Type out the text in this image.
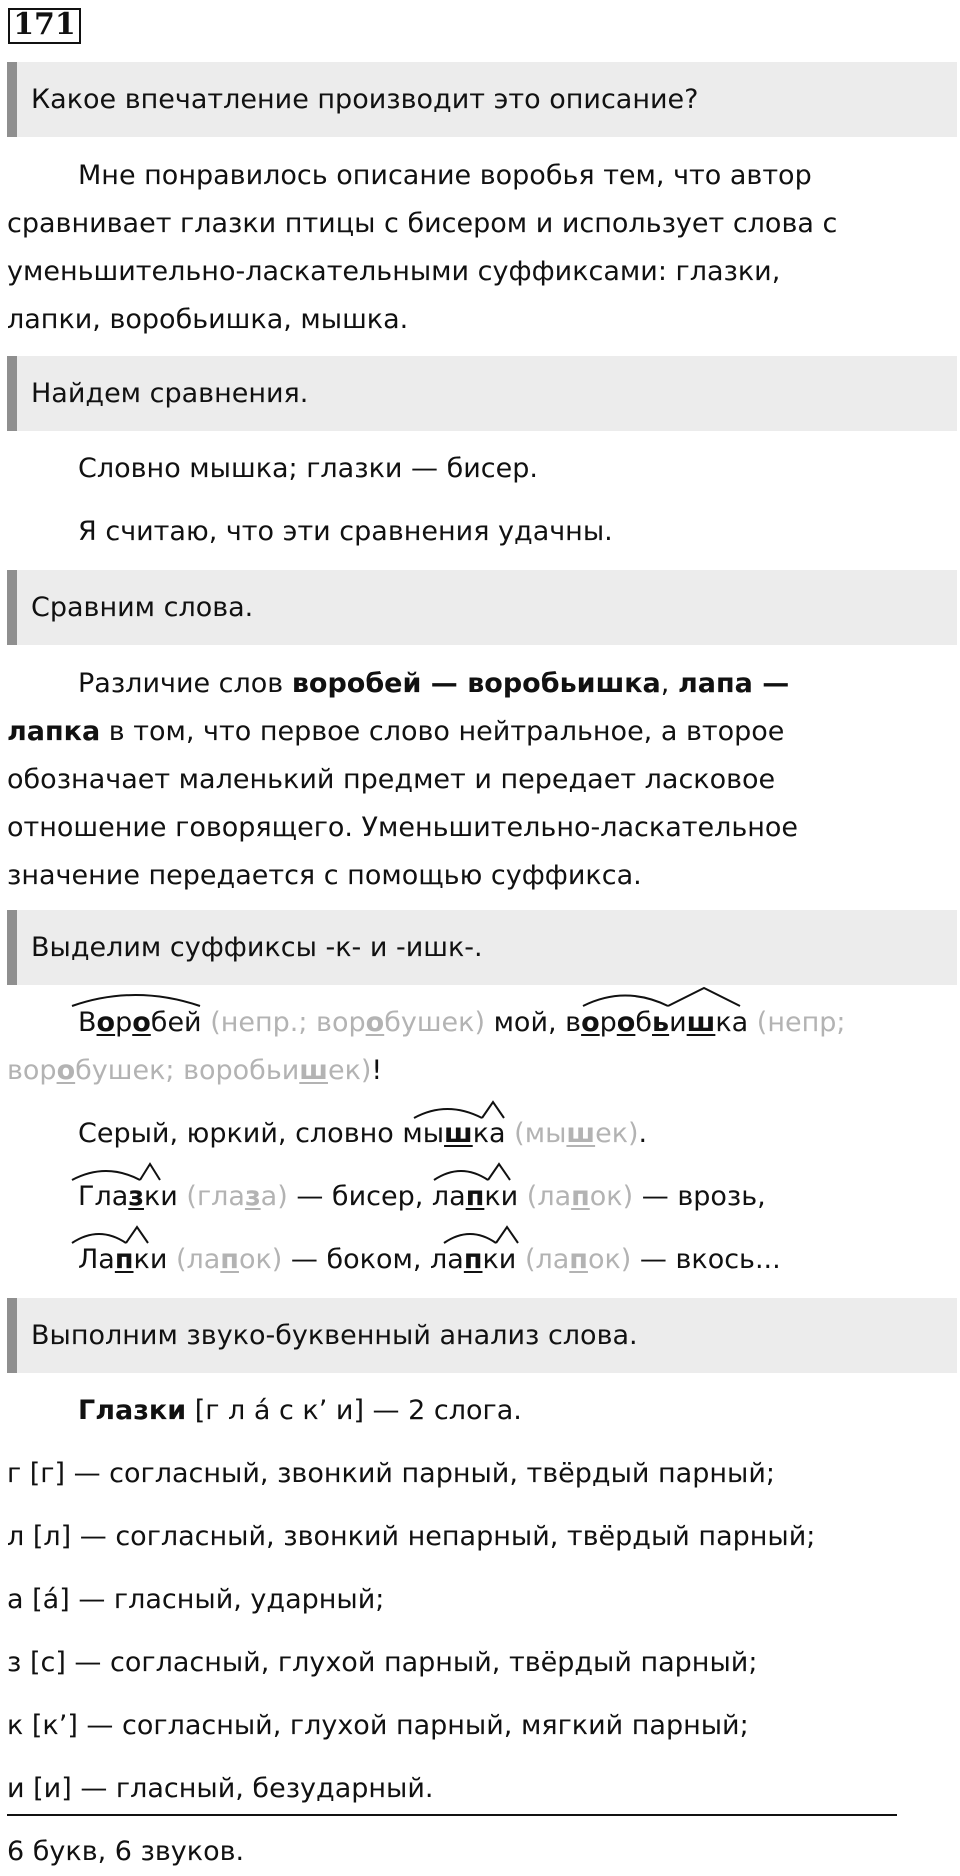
171
Какое впечатление производит это описание?
Мне понравилось описание воробья тем, что автор
сравнивает глазки птицы с бисером и использует слова с
уменьшительно-ласкательными суффиксами: глазки,
лапки, воробьишка, мышка.
Найдем сравнения.
Словно мышка; глазки — бисер.
Я считаю, что эти сравнения удачны.
Сравним слова.
Различие слов воробей — воробьишка, лапа —
лапка в том, что первое слово нейтральное, а второе
обозначает маленький предмет и передает ласковое
отношение говорящего. Уменьшительно-ласкательное
значение передается с помощью суффикса.
Выделим суффиксы -к- и -ишк-.
Воробей (непр.; воробушек) мой, воробьишка (непр;
воробушек; воробьишек)!
Серый, юркий, словно мышка (мышек).
Глазки (глаза) — бисер, лапки (лапок) — врозь,
Лапки (лапок) — боком, лапки (лапок) — вкось...
Выполним звуко-буквенный анализ слова.
Глазки [г л á с к’ и] — 2 слога.
г [г] — согласный, звонкий парный, твёрдый парный;
л [л] — согласный, звонкий непарный, твёрдый парный;
а [á] — гласный, ударный;
з [с] — согласный, глухой парный, твёрдый парный;
к [к’] — согласный, глухой парный, мягкий парный;
и [и] — гласный, безударный.
6 букв, 6 звуков.
